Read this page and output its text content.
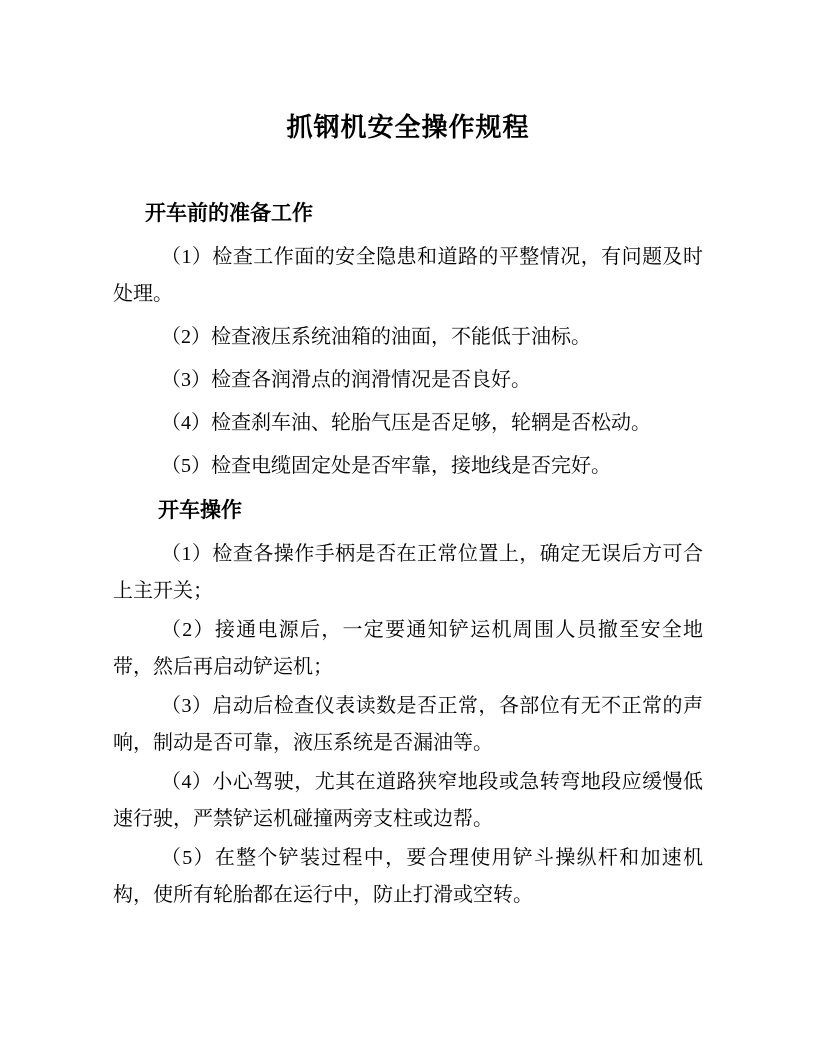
抓钢机安全操作规程
开车前的准备工作

（1）检查工作面的安全隐患和道路的平整情况，有问题及时处理。

（2）检查液压系统油箱的油面，不能低于油标。

（3）检查各润滑点的润滑情况是否良好。

（4）检查刹车油、轮胎气压是否足够，轮辋是否松动。

（5）检查电缆固定处是否牢靠，接地线是否完好。

开车操作

（1）检查各操作手柄是否在正常位置上，确定无误后方可合上主开关；

（2）接通电源后，一定要通知铲运机周围人员撤至安全地带，然后再启动铲运机；

（3）启动后检查仪表读数是否正常，各部位有无不正常的声响，制动是否可靠，液压系统是否漏油等。

（4）小心驾驶，尤其在道路狭窄地段或急转弯地段应缓慢低速行驶，严禁铲运机碰撞两旁支柱或边帮。

（5）在整个铲装过程中，要合理使用铲斗操纵杆和加速机构，使所有轮胎都在运行中，防止打滑或空转。
